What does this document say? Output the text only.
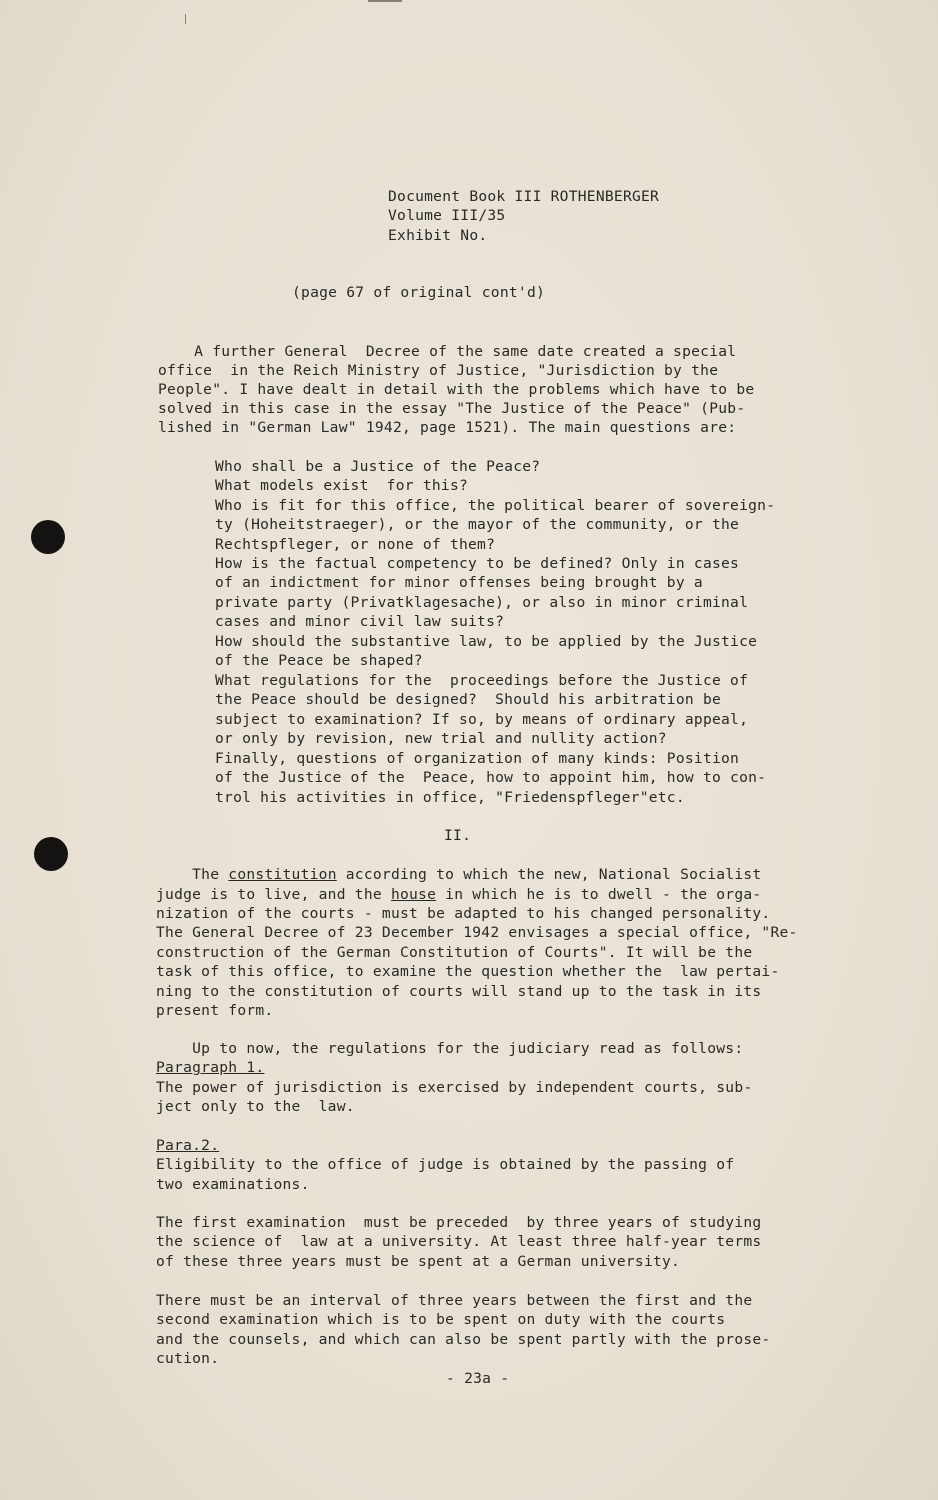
Document Book III ROTHENBERGER
Volume III/35
Exhibit No.
(page 67 of original cont'd)
A further General  Decree of the same date created a special
office  in the Reich Ministry of Justice, "Jurisdiction by the
People". I have dealt in detail with the problems which have to be
solved in this case in the essay "The Justice of the Peace" (Pub-
lished in "German Law" 1942, page 1521). The main questions are:
Who shall be a Justice of the Peace?
What models exist  for this?
Who is fit for this office, the political bearer of sovereign-
ty (Hoheitstraeger), or the mayor of the community, or the
Rechtspfleger, or none of them?
How is the factual competency to be defined? Only in cases
of an indictment for minor offenses being brought by a
private party (Privatklagesache), or also in minor criminal
cases and minor civil law suits?
How should the substantive law, to be applied by the Justice
of the Peace be shaped?
What regulations for the  proceedings before the Justice of
the Peace should be designed?  Should his arbitration be
subject to examination? If so, by means of ordinary appeal,
or only by revision, new trial and nullity action?
Finally, questions of organization of many kinds: Position
of the Justice of the  Peace, how to appoint him, how to con-
trol his activities in office, "Friedenspfleger"etc.
II.
The constitution according to which the new, National Socialist
judge is to live, and the house in which he is to dwell - the orga-
nization of the courts - must be adapted to his changed personality.
The General Decree of 23 December 1942 envisages a special office, "Re-
construction of the German Constitution of Courts". It will be the
task of this office, to examine the question whether the  law pertai-
ning to the constitution of courts will stand up to the task in its
present form.
Up to now, the regulations for the judiciary read as follows:
Paragraph 1.
The power of jurisdiction is exercised by independent courts, sub-
ject only to the  law.
Para.2.
Eligibility to the office of judge is obtained by the passing of
two examinations.
The first examination  must be preceded  by three years of studying
the science of  law at a university. At least three half-year terms
of these three years must be spent at a German university.
There must be an interval of three years between the first and the
second examination which is to be spent on duty with the courts
and the counsels, and which can also be spent partly with the prose-
cution.
- 23a -
